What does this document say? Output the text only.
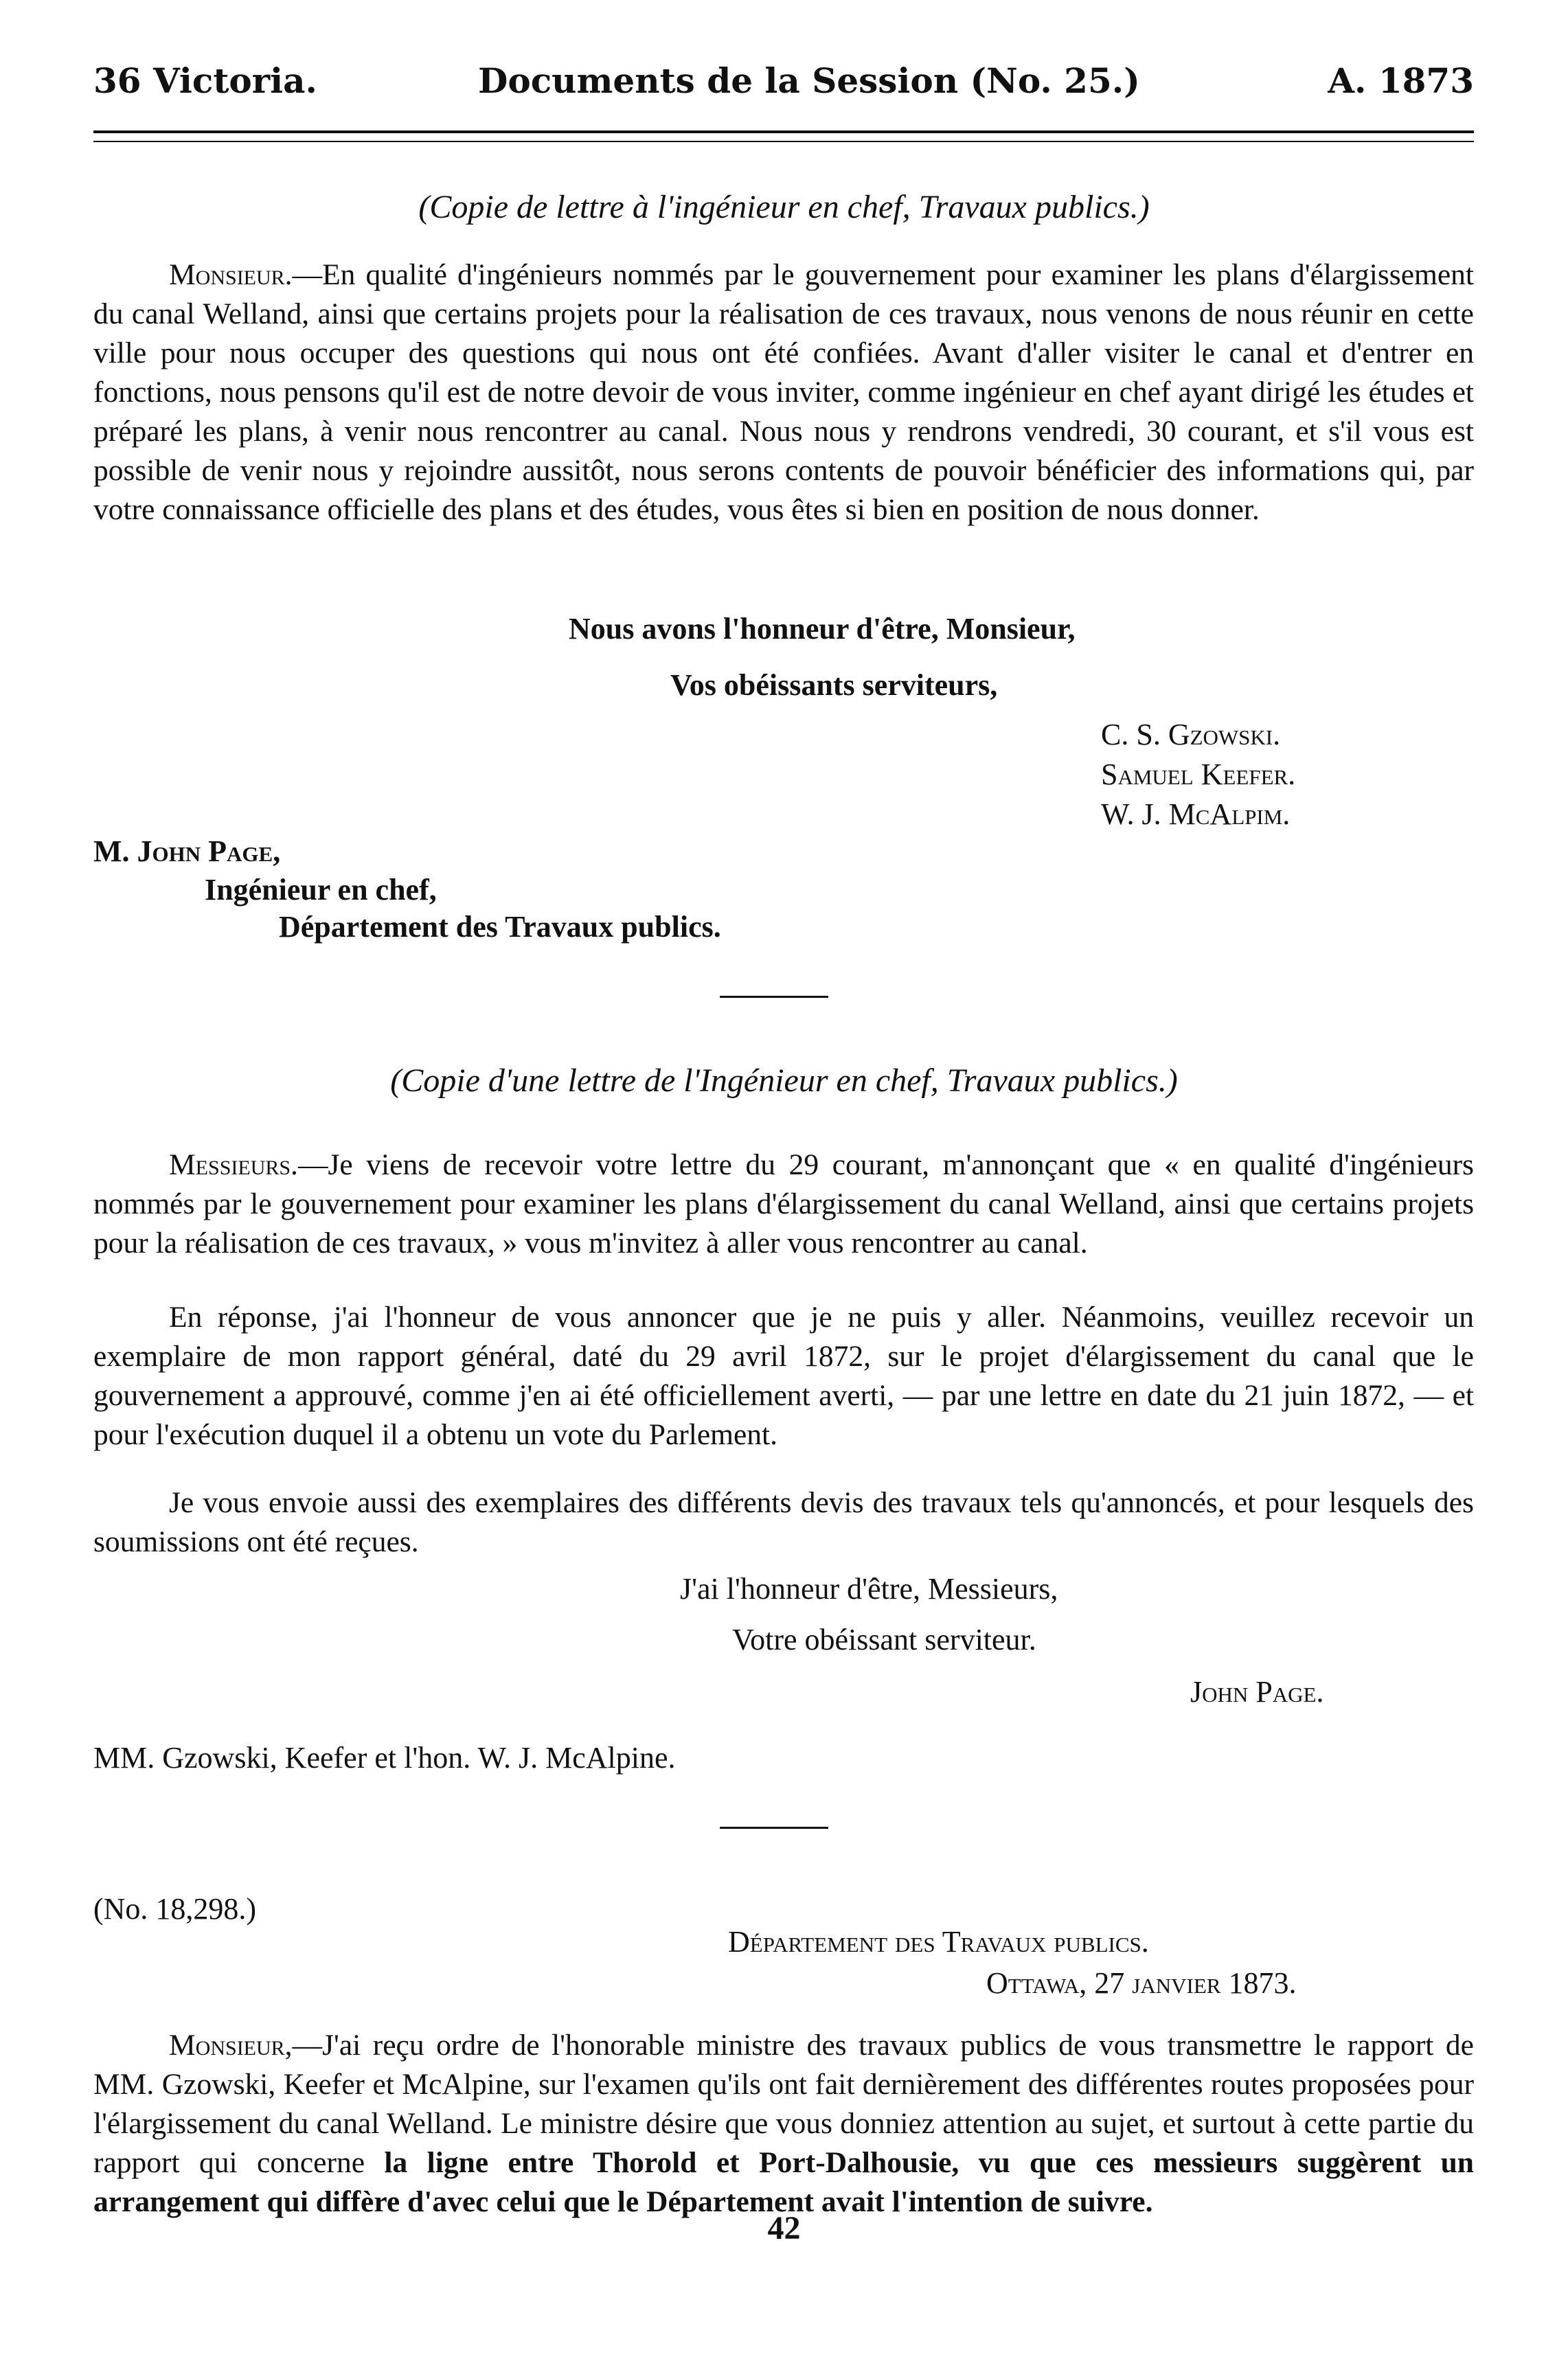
36 Victoria.	Documents de la Session (No. 25.)	A. 1873
(Copie de lettre à l'ingénieur en chef, Travaux publics.)

Monsieur.—En qualité d'ingénieurs nommés par le gouvernement pour examiner les plans d'élargissement du canal Welland, ainsi que certains projets pour la réalisation de ces travaux, nous venons de nous réunir en cette ville pour nous occuper des questions qui nous ont été confiées. Avant d'aller visiter le canal et d'entrer en fonctions, nous pensons qu'il est de notre devoir de vous inviter, comme ingénieur en chef ayant dirigé les études et préparé les plans, à venir nous rencontrer au canal. Nous nous y rendrons vendredi, 30 courant, et s'il vous est possible de venir nous y rejoindre aussitôt, nous serons contents de pouvoir bénéficier des informations qui, par votre connaissance officielle des plans et des études, vous êtes si bien en position de nous donner.

Nous avons l'honneur d'être, Monsieur,
Vos obéissants serviteurs,
C. S. Gzowski.
Samuel Keefer.
W. J. McAlpim.
M. John Page,
Ingénieur en chef,
Département des Travaux publics.
(Copie d'une lettre de l'Ingénieur en chef, Travaux publics.)

Messieurs.—Je viens de recevoir votre lettre du 29 courant, m'annonçant que « en qualité d'ingénieurs nommés par le gouvernement pour examiner les plans d'élargissement du canal Welland, ainsi que certains projets pour la réalisation de ces travaux, » vous m'invitez à aller vous rencontrer au canal.

En réponse, j'ai l'honneur de vous annoncer que je ne puis y aller. Néanmoins, veuillez recevoir un exemplaire de mon rapport général, daté du 29 avril 1872, sur le projet d'élargissement du canal que le gouvernement a approuvé, comme j'en ai été officiellement averti, — par une lettre en date du 21 juin 1872, — et pour l'exécution duquel il a obtenu un vote du Parlement.

Je vous envoie aussi des exemplaires des différents devis des travaux tels qu'annoncés, et pour lesquels des soumissions ont été reçues.

J'ai l'honneur d'être, Messieurs,
Votre obéissant serviteur.
John Page.
MM. Gzowski, Keefer et l'hon. W. J. McAlpine.
(No. 18,298.)
Département des Travaux publics.
Ottawa, 27 janvier 1873.

Monsieur,—J'ai reçu ordre de l'honorable ministre des travaux publics de vous transmettre le rapport de MM. Gzowski, Keefer et McAlpine, sur l'examen qu'ils ont fait dernièrement des différentes routes proposées pour l'élargissement du canal Welland. Le ministre désire que vous donniez attention au sujet, et surtout à cette partie du rapport qui concerne la ligne entre Thorold et Port-Dalhousie, vu que ces messieurs suggèrent un arrangement qui diffère d'avec celui que le Département avait l'intention de suivre.

42
